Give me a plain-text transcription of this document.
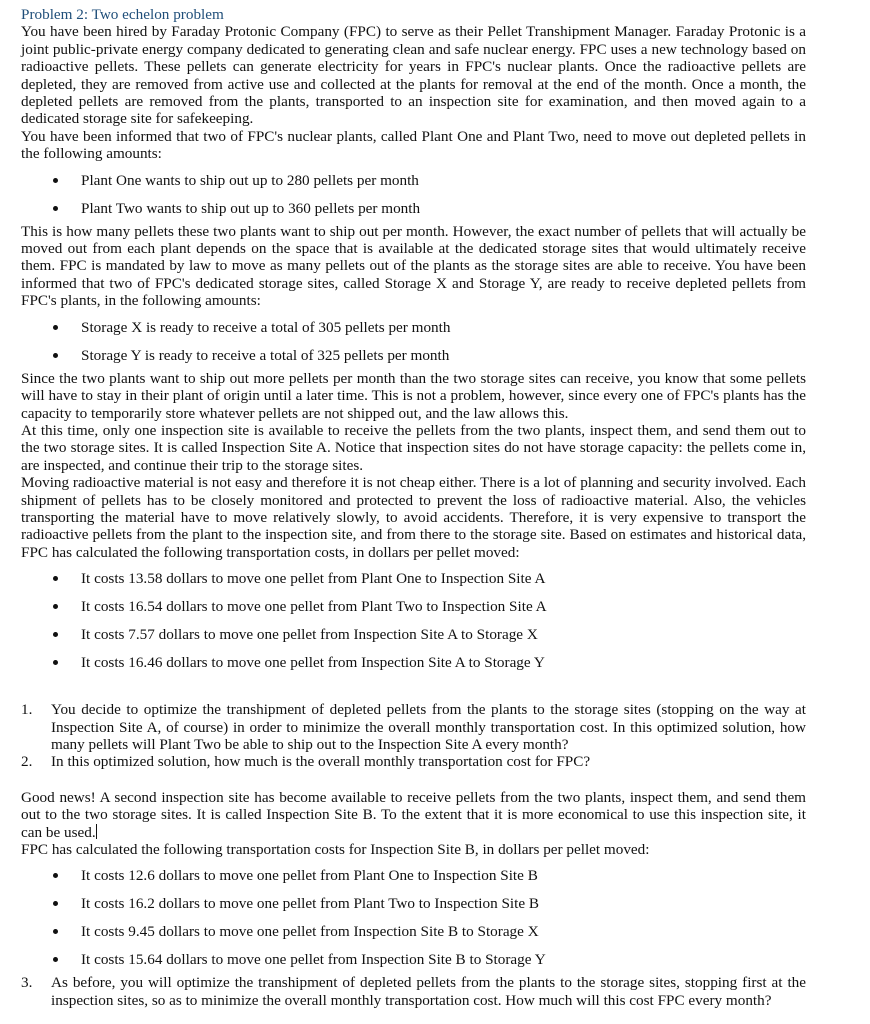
Problem 2: Two echelon problem

You have been hired by Faraday Protonic Company (FPC) to serve as their Pellet Transhipment Manager. Faraday Protonic is a joint public-private energy company dedicated to generating clean and safe nuclear energy. FPC uses a new technology based on radioactive pellets. These pellets can generate electricity for years in FPC's nuclear plants. Once the radioactive pellets are depleted, they are removed from active use and collected at the plants for removal at the end of the month. Once a month, the depleted pellets are removed from the plants, transported to an inspection site for examination, and then moved again to a dedicated storage site for safekeeping.

You have been informed that two of FPC's nuclear plants, called Plant One and Plant Two, need to move out depleted pellets in the following amounts:

Plant One wants to ship out up to 280 pellets per month
Plant Two wants to ship out up to 360 pellets per month

This is how many pellets these two plants want to ship out per month. However, the exact number of pellets that will actually be moved out from each plant depends on the space that is available at the dedicated storage sites that would ultimately receive them. FPC is mandated by law to move as many pellets out of the plants as the storage sites are able to receive. You have been informed that two of FPC's dedicated storage sites, called Storage X and Storage Y, are ready to receive depleted pellets from FPC's plants, in the following amounts:

Storage X is ready to receive a total of 305 pellets per month
Storage Y is ready to receive a total of 325 pellets per month

Since the two plants want to ship out more pellets per month than the two storage sites can receive, you know that some pellets will have to stay in their plant of origin until a later time. This is not a problem, however, since every one of FPC's plants has the capacity to temporarily store whatever pellets are not shipped out, and the law allows this.

At this time, only one inspection site is available to receive the pellets from the two plants, inspect them, and send them out to the two storage sites. It is called Inspection Site A. Notice that inspection sites do not have storage capacity: the pellets come in, are inspected, and continue their trip to the storage sites.

Moving radioactive material is not easy and therefore it is not cheap either. There is a lot of planning and security involved. Each shipment of pellets has to be closely monitored and protected to prevent the loss of radioactive material. Also, the vehicles transporting the material have to move relatively slowly, to avoid accidents. Therefore, it is very expensive to transport the radioactive pellets from the plant to the inspection site, and from there to the storage site. Based on estimates and historical data, FPC has calculated the following transportation costs, in dollars per pellet moved:

It costs 13.58 dollars to move one pellet from Plant One to Inspection Site A
It costs 16.54 dollars to move one pellet from Plant Two to Inspection Site A
It costs 7.57 dollars to move one pellet from Inspection Site A to Storage X
It costs 16.46 dollars to move one pellet from Inspection Site A to Storage Y
1. You decide to optimize the transhipment of depleted pellets from the plants to the storage sites (stopping on the way at Inspection Site A, of course) in order to minimize the overall monthly transportation cost. In this optimized solution, how many pellets will Plant Two be able to ship out to the Inspection Site A every month?
2. In this optimized solution, how much is the overall monthly transportation cost for FPC?

Good news! A second inspection site has become available to receive pellets from the two plants, inspect them, and send them out to the two storage sites. It is called Inspection Site B. To the extent that it is more economical to use this inspection site, it can be used.

FPC has calculated the following transportation costs for Inspection Site B, in dollars per pellet moved:

It costs 12.6 dollars to move one pellet from Plant One to Inspection Site B
It costs 16.2 dollars to move one pellet from Plant Two to Inspection Site B
It costs 9.45 dollars to move one pellet from Inspection Site B to Storage X
It costs 15.64 dollars to move one pellet from Inspection Site B to Storage Y
3. As before, you will optimize the transhipment of depleted pellets from the plants to the storage sites, stopping first at the inspection sites, so as to minimize the overall monthly transportation cost. How much will this cost FPC every month?
